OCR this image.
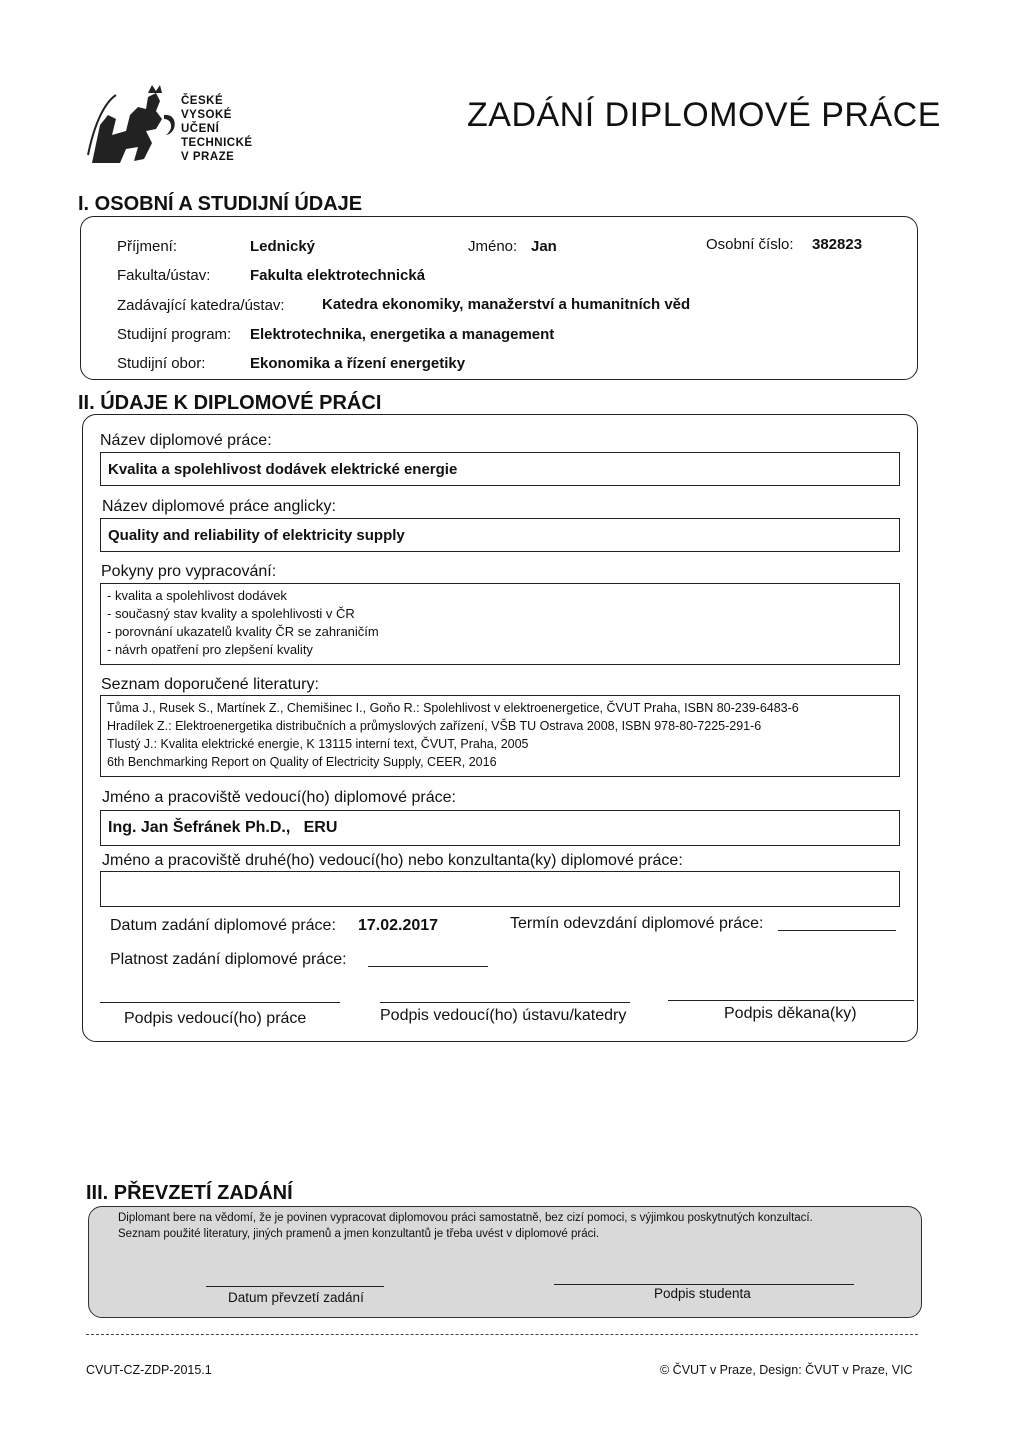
ČESKÉ
VYSOKÉ
UČENÍ
TECHNICKÉ
V PRAZE
ZADÁNÍ DIPLOMOVÉ PRÁCE
I. OSOBNÍ A STUDIJNÍ ÚDAJE
Příjmení:	Lednický	Jméno: Jan	Osobní číslo: 382823
Fakulta/ústav:	Fakulta elektrotechnická
Zadávající katedra/ústav: Katedra ekonomiky, manažerství a humanitních věd
Studijní program: Elektrotechnika, energetika a management
Studijní obor:	Ekonomika a řízení energetiky
II. ÚDAJE K DIPLOMOVÉ PRÁCI
Název diplomové práce:
Kvalita a spolehlivost dodávek elektrické energie
Název diplomové práce anglicky:
Quality and reliability of elektricity supply
Pokyny pro vypracování:
- kvalita a spolehlivost dodávek
- současný stav kvality a spolehlivosti v ČR
- porovnání ukazatelů kvality ČR se zahraničím
- návrh opatření pro zlepšení kvality
Seznam doporučené literatury:
Tůma J., Rusek S., Martínek Z., Chemišinec I., Goňo R.: Spolehlivost v elektroenergetice, ČVUT Praha, ISBN 80-239-6483-6
Hradílek Z.: Elektroenergetika distribučních a průmyslových zařízení, VŠB TU Ostrava 2008, ISBN 978-80-7225-291-6
Tlustý J.: Kvalita elektrické energie, K 13115 interní text, ČVUT, Praha, 2005
6th Benchmarking Report on Quality of Electricity Supply, CEER, 2016
Jméno a pracoviště vedoucí(ho) diplomové práce:
Ing. Jan Šefránek Ph.D.,   ERU
Jméno a pracoviště druhé(ho) vedoucí(ho) nebo konzultanta(ky) diplomové práce:
Datum zadání diplomové práce: 17.02.2017	Termín odevzdání diplomové práce:
Platnost zadání diplomové práce:
Podpis vedoucí(ho) práce	Podpis vedoucí(ho) ústavu/katedry	Podpis děkana(ky)
III. PŘEVZETÍ ZADÁNÍ
Diplomant bere na vědomí, že je povinen vypracovat diplomovou práci samostatně, bez cizí pomoci, s výjimkou poskytnutých konzultací.
Seznam použité literatury, jiných pramenů a jmen konzultantů je třeba uvést v diplomové práci.
Datum převzetí zadání	Podpis studenta
CVUT-CZ-ZDP-2015.1	© ČVUT v Praze, Design: ČVUT v Praze, VIC
